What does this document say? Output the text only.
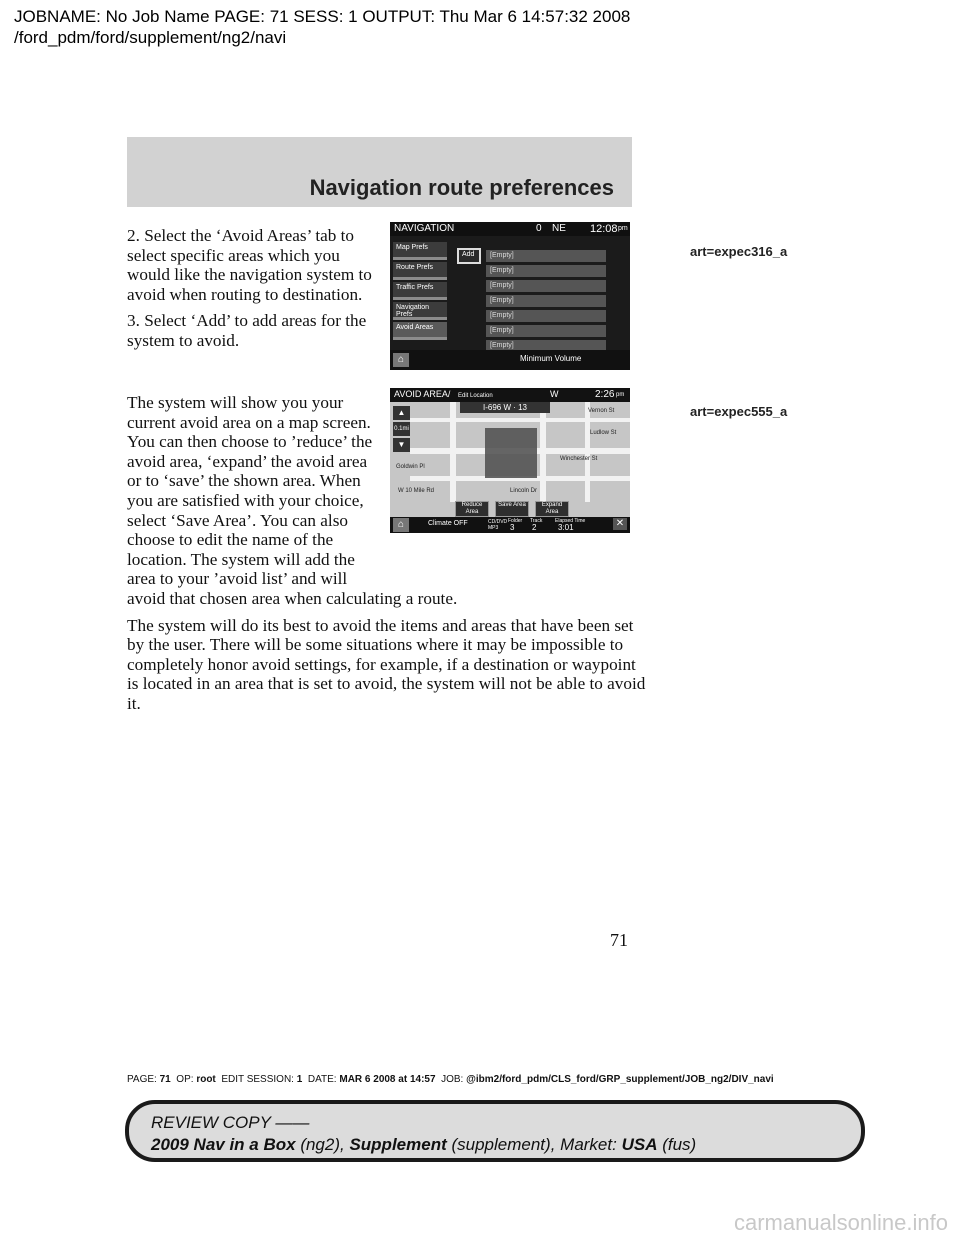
JOBNAME: No Job Name PAGE: 71 SESS: 1 OUTPUT: Thu Mar 6 14:57:32 2008
/ford_pdm/ford/supplement/ng2/navi
Navigation route preferences

2. Select the ‘Avoid Areas’ tab to select specific areas which you would like the navigation system to avoid when routing to destination.

3. Select ‘Add’ to add areas for the system to avoid.

NAVIGATION	0 NE 12:08 pm
Map Prefs
Route Prefs
Traffic Prefs
Navigation Prefs
Avoid Areas
Add	[Empty]
[Empty]
[Empty]
[Empty]
[Empty]
[Empty]
[Empty]
⌂	Minimum Volume
art=expec316_a
The system will show you your current avoid area on a map screen. You can then choose to ’reduce’ the avoid area, ‘expand’ the avoid area or to ‘save’ the shown area. When you are satisfied with your choice, select ‘Save Area’. You can also choose to edit the name of the location. The system will add the area to your ’avoid list’ and will

avoid that chosen area when calculating a route.

The system will do its best to avoid the items and areas that have been set by the user. There will be some situations where it may be impossible to completely honor avoid settings, for example, if a destination or waypoint is located in an area that is set to avoid, the system will not be able to avoid it.

AVOID AREA/ Edit Location	W	2:26 pm
I-696 W · 13	Vernon St
Ludlow St
Winchester St
W 10 Mile Rd
Goldwin Pl
Lincoln Dr
▲
0.1mi
▼
Reduce Area
Save Area	Expand Area
⌂	Climate OFF	CD/DVD MP3
Folder
3
Track
2
Elapsed Time
3:01	✕
art=expec555_a
71
PAGE: 71 OP: root EDIT SESSION: 1 DATE: MAR 6 2008 at 14:57 JOB: @ibm2/ford_pdm/CLS_ford/GRP_supplement/JOB_ng2/DIV_navi
REVIEW COPY ——
2009 Nav in a Box (ng2), Supplement (supplement), Market: USA (fus)
carmanualsonline.info
